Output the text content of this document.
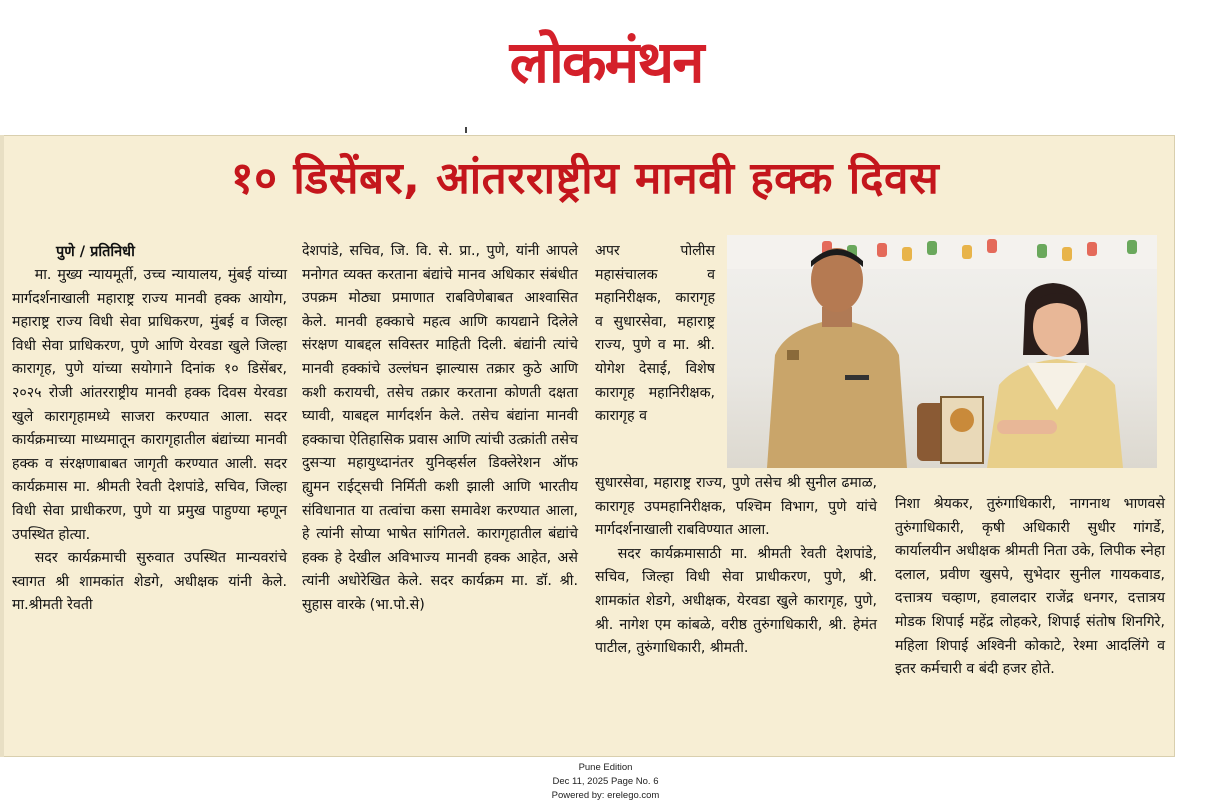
लोकमंथन
१० डिसेंबर, आंतरराष्ट्रीय मानवी हक्क दिवस
पुणे / प्रतिनिधी

मा. मुख्य न्यायमूर्ती, उच्च न्यायालय, मुंबई यांच्या मार्गदर्शनाखाली महाराष्ट्र राज्य मानवी हक्क आयोग, महाराष्ट्र राज्य विधी सेवा प्राधिकरण, मुंबई व जिल्हा विधी सेवा प्राधिकरण, पुणे आणि येरवडा खुले जिल्हा कारागृह, पुणे यांच्या सयोगाने दिनांक १० डिसेंबर, २०२५ रोजी आंतरराष्ट्रीय मानवी हक्क दिवस येरवडा खुले कारागृहामध्ये साजरा करण्यात आला. सदर कार्यक्रमाच्या माध्यमातून कारागृहातील बंद्यांच्या मानवी हक्क व संरक्षणाबाबत जागृती करण्यात आली. सदर कार्यक्रमास मा. श्रीमती रेवती देशपांडे, सचिव, जिल्हा विधी सेवा प्राधीकरण, पुणे या प्रमुख पाहुण्या म्हणून उपस्थित होत्या.

सदर कार्यक्रमाची सुरुवात उपस्थित मान्यवरांचे स्वागत श्री शामकांत शेडगे, अधीक्षक यांनी केले. मा.श्रीमती रेवती

देशपांडे, सचिव, जि. वि. से. प्रा., पुणे, यांनी आपले मनोगत व्यक्त करताना बंद्यांचे मानव अधिकार संबंधीत उपक्रम मोठ्या प्रमाणात राबविणेबाबत आश्वासित केले. मानवी हक्काचे महत्व आणि कायद्याने दिलेले संरक्षण याबद्दल सविस्तर माहिती दिली. बंद्यांनी त्यांचे मानवी हक्कांचे उल्लंघन झाल्यास तक्रार कुठे आणि कशी करायची, तसेच तक्रार करताना कोणती दक्षता घ्यावी, याबद्दल मार्गदर्शन केले. तसेच बंद्यांना मानवी हक्काचा ऐतिहासिक प्रवास आणि त्यांची उत्क्रांती तसेच दुसऱ्या महायुध्दानंतर युनिव्हर्सल डिक्लेरेशन ऑफ ह्युमन राईट्सची निर्मिती कशी झाली आणि भारतीय संविधानात या तत्वांचा कसा समावेश करण्यात आला, हे त्यांनी सोप्या भाषेत सांगितले. कारागृहातील बंद्यांचे हक्क हे देखील अविभाज्य मानवी हक्क आहेत, असे त्यांनी अधोरेखित केले. सदर कार्यक्रम मा. डॉ. श्री. सुहास वारके (भा.पो.से)

अपर पोलीस महासंचालक व महानिरीक्षक, कारागृह व सुधारसेवा, महाराष्ट्र राज्य, पुणे व मा. श्री. योगेश देसाई, विशेष कारागृह महानिरीक्षक, कारागृह व

सुधारसेवा, महाराष्ट्र राज्य, पुणे तसेच श्री सुनील ढमाळ, कारागृह उपमहानिरीक्षक, पश्चिम विभाग, पुणे यांचे मार्गदर्शनाखाली राबविण्यात आला.

सदर कार्यक्रमासाठी मा. श्रीमती रेवती देशपांडे, सचिव, जिल्हा विधी सेवा प्राधीकरण, पुणे, श्री. शामकांत शेडगे, अधीक्षक, येरवडा खुले कारागृह, पुणे, श्री. नागेश एम कांबळे, वरीष्ठ तुरुंगाधिकारी, श्री. हेमंत पाटील, तुरुंगाधिकारी, श्रीमती.

निशा श्रेयकर, तुरुंगाधिकारी, नागनाथ भाणवसे तुरुंगाधिकारी, कृषी अधिकारी सुधीर गांगर्डे, कार्यालयीन अधीक्षक श्रीमती निता उके, लिपीक स्नेहा दलाल, प्रवीण खुसपे, सुभेदार सुनील गायकवाड, दत्तात्रय चव्हाण, हवालदार राजेंद्र धनगर, दत्तात्रय मोडक शिपाई महेंद्र लोहकरे, शिपाई संतोष शिनगिरे, महिला शिपाई अश्विनी कोकाटे, रेश्मा आदलिंगे व इतर कर्मचारी व बंदी हजर होते.

Pune Edition
Dec 11, 2025 Page No. 6
Powered by: erelego.com
